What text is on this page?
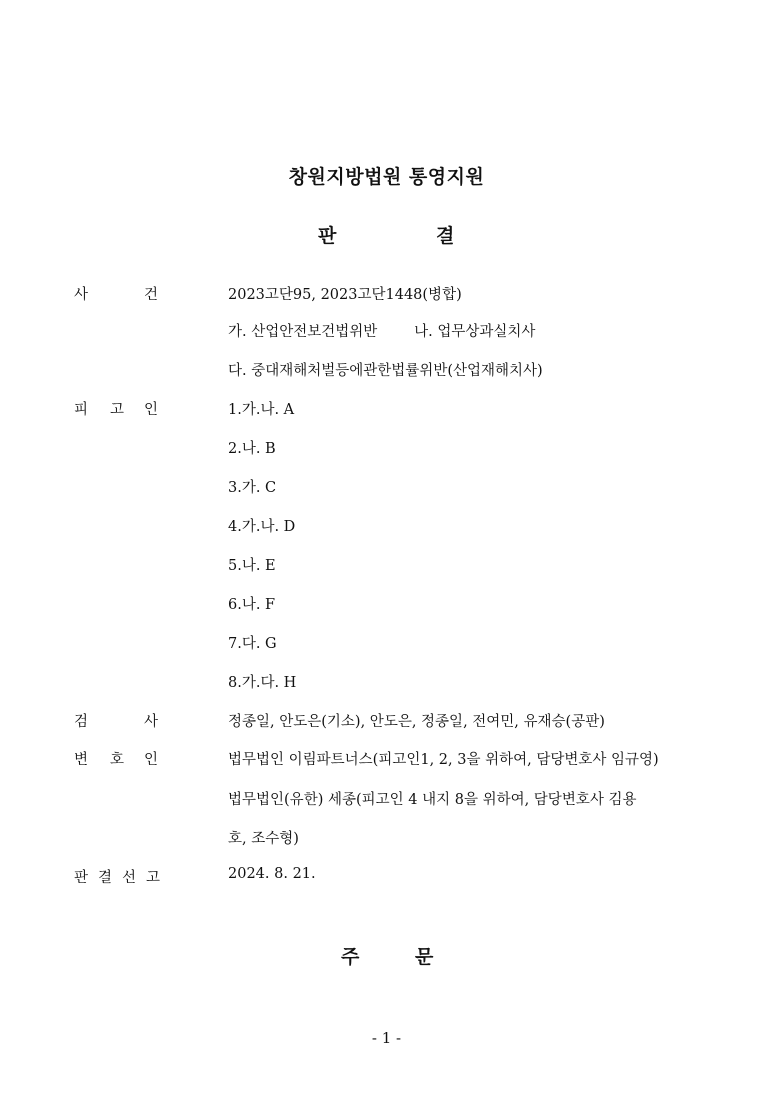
창원지방법원 통영지원
판	결
사	건	2023고단95, 2023고단1448(병합)
가. 산업안전보건법위반        나. 업무상과실치사
다. 중대재해처벌등에관한법률위반(산업재해치사)
피	고	인	1.가.나. A
2.나. B
3.가. C
4.가.나. D
5.나. E
6.나. F
7.다. G
8.가.다. H
검	사	정종일, 안도은(기소), 안도은, 정종일, 전여민, 유재승(공판)
변	호	인	법무법인 이림파트너스(피고인1, 2, 3을 위하여, 담당변호사 임규영)
법무법인(유한) 세종(피고인 4 내지 8을 위하여, 담당변호사 김용
호, 조수형)
판 결 선 고	2024. 8. 21.
주	문
- 1 -
